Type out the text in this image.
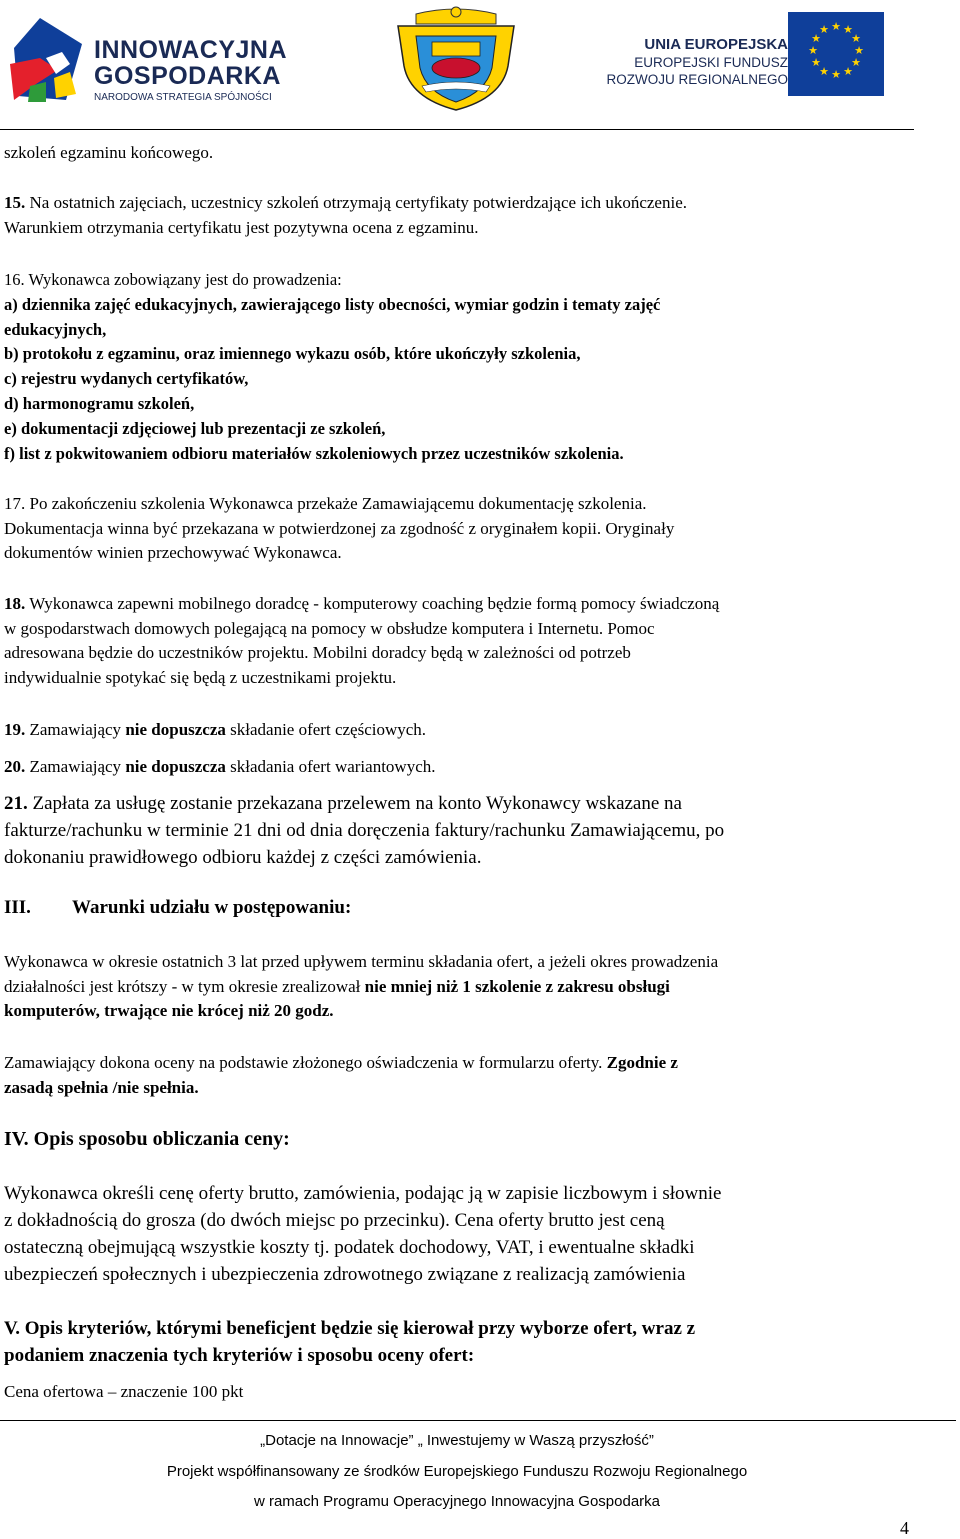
INNOWACYJNA
GOSPODARKA
NARODOWA STRATEGIA SPÓJNOŚCI
UNIA EUROPEJSKA
EUROPEJSKI FUNDUSZ
ROZWOJU REGIONALNEGO
★ ★
★
★
★
★
★
★
★
★
★
★
szkoleń egzaminu końcowego.
15. Na ostatnich zajęciach, uczestnicy szkoleń otrzymają certyfikaty potwierdzające ich ukończenie.
Warunkiem otrzymania certyfikatu jest pozytywna ocena z egzaminu.
16. Wykonawca zobowiązany jest do prowadzenia:
a) dziennika zajęć edukacyjnych, zawierającego listy obecności, wymiar godzin i tematy zajęć
edukacyjnych,
b) protokołu z egzaminu, oraz imiennego wykazu osób, które ukończyły szkolenia,
c) rejestru wydanych certyfikatów,
d) harmonogramu szkoleń,
e) dokumentacji zdjęciowej lub prezentacji ze szkoleń,
f) list z pokwitowaniem odbioru materiałów szkoleniowych przez uczestników szkolenia.
17. Po zakończeniu szkolenia Wykonawca przekaże Zamawiającemu dokumentację szkolenia.
Dokumentacja winna być przekazana w potwierdzonej za zgodność z oryginałem kopii. Oryginały
dokumentów winien przechowywać Wykonawca.
18. Wykonawca zapewni mobilnego doradcę - komputerowy coaching będzie formą pomocy świadczoną
w gospodarstwach domowych polegającą na pomocy w obsłudze komputera i Internetu. Pomoc
adresowana będzie do uczestników projektu. Mobilni doradcy będą w zależności od potrzeb
indywidualnie spotykać się będą z uczestnikami projektu.
19. Zamawiający nie dopuszcza składanie ofert częściowych.
20. Zamawiający nie dopuszcza składania ofert wariantowych.
21. Zapłata za usługę zostanie przekazana przelewem na konto Wykonawcy wskazane na
fakturze/rachunku w terminie 21 dni od dnia doręczenia faktury/rachunku Zamawiającemu, po
dokonaniu prawidłowego odbioru każdej z części zamówienia.
III. Warunki udziału w postępowaniu:
Wykonawca w okresie ostatnich 3 lat przed upływem terminu składania ofert, a jeżeli okres prowadzenia
działalności jest krótszy - w tym okresie zrealizował nie mniej niż 1 szkolenie z zakresu obsługi
komputerów, trwające nie krócej niż 20 godz.
Zamawiający dokona oceny na podstawie złożonego oświadczenia w formularzu oferty. Zgodnie z
zasadą spełnia /nie spełnia.
IV. Opis sposobu obliczania ceny:
Wykonawca określi cenę oferty brutto, zamówienia, podając ją w zapisie liczbowym i słownie
z dokładnością do grosza (do dwóch miejsc po przecinku). Cena oferty brutto jest ceną
ostateczną obejmującą wszystkie koszty tj. podatek dochodowy, VAT, i ewentualne składki
ubezpieczeń społecznych i ubezpieczenia zdrowotnego związane z realizacją zamówienia
V. Opis kryteriów, którymi beneficjent będzie się kierował przy wyborze ofert, wraz z
podaniem znaczenia tych kryteriów i sposobu oceny ofert:
Cena ofertowa – znaczenie 100 pkt
„Dotacje na Innowacje” „ Inwestujemy w Waszą przyszłość”
Projekt współfinansowany ze środków Europejskiego Funduszu Rozwoju Regionalnego
w ramach Programu Operacyjnego Innowacyjna Gospodarka
4
